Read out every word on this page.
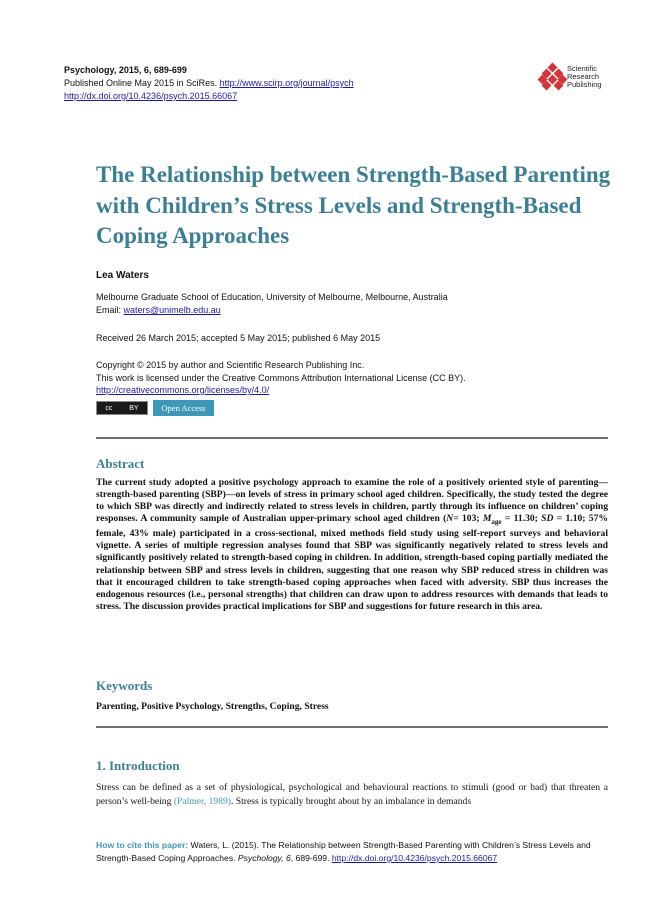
Psychology, 2015, 6, 689-699
Published Online May 2015 in SciRes. http://www.scirp.org/journal/psych
http://dx.doi.org/10.4236/psych.2015.66067
Scientific
Research
Publishing
The Relationship between Strength-Based Parenting with Children’s Stress Levels and Strength-Based Coping Approaches
Lea Waters
Melbourne Graduate School of Education, University of Melbourne, Melbourne, Australia
Email: waters@unimelb.edu.au
Received 26 March 2015; accepted 5 May 2015; published 6 May 2015
Copyright © 2015 by author and Scientific Research Publishing Inc.
This work is licensed under the Creative Commons Attribution International License (CC BY).
http://creativecommons.org/licenses/by/4.0/
cc BY	Open Access
Abstract

The current study adopted a positive psychology approach to examine the role of a positively oriented style of parenting—strength-based parenting (SBP)—on levels of stress in primary school aged children. Specifically, the study tested the degree to which SBP was directly and indirectly related to stress levels in children, partly through its influence on children’ coping responses. A community sample of Australian upper-primary school aged children (N= 103; $M_{age} = 11.30$; SD = 1.10; 57% female, 43% male) participated in a cross-sectional, mixed methods field study using self-report surveys and behavioral vignette. A series of multiple regression analyses found that SBP was significantly negatively related to stress levels and significantly positively related to strength-based coping in children. In addition, strength-based coping partially mediated the relationship between SBP and stress levels in children, suggesting that one reason why SBP reduced stress in children was that it encouraged children to take strength-based coping approaches when faced with adversity. SBP thus increases the endogenous resources (i.e., personal strengths) that children can draw upon to address resources with demands that leads to stress. The discussion provides practical implications for SBP and suggestions for future research in this area.

Keywords
Parenting, Positive Psychology, Strengths, Coping, Stress
1. Introduction

Stress can be defined as a set of physiological, psychological and behavioural reactions to stimuli (good or bad) that threaten a person’s well-being (Palmer, 1989). Stress is typically brought about by an imbalance in demands

How to cite this paper: Waters, L. (2015). The Relationship between Strength-Based Parenting with Children’s Stress Levels and Strength-Based Coping Approaches. Psychology, 6, 689-699. http://dx.doi.org/10.4236/psych.2015.66067
